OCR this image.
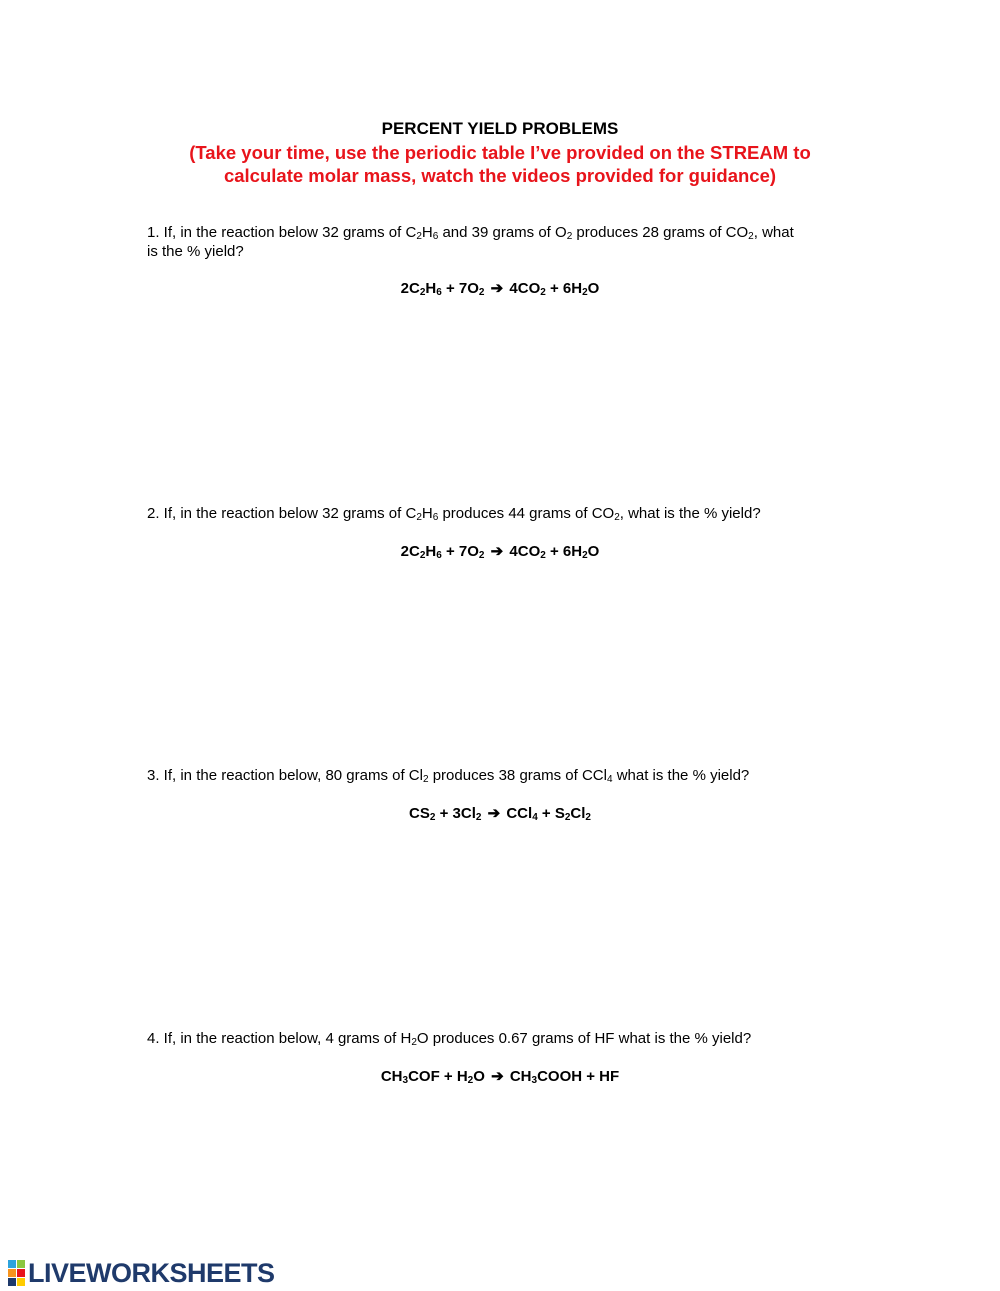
PERCENT YIELD PROBLEMS
(Take your time, use the periodic table I’ve provided on the STREAM to
calculate molar mass, watch the videos provided for guidance)
1. If, in the reaction below 32 grams of $C_2H_6$ and 39 grams of $O_2$ produces 28 grams of $CO_2$, what
is the % yield?
$2C_2H_6 + 7O_2$ ➔ $4CO_2 + 6H_2O$
2. If, in the reaction below 32 grams of $C_2H_6$ produces 44 grams of $CO_2$, what is the % yield?
$2C_2H_6 + 7O_2$ ➔ $4CO_2 + 6H_2O$
3. If, in the reaction below, 80 grams of $Cl_2$ produces 38 grams of CCl$_4$ what is the % yield?
$CS_2 + 3Cl_2$ ➔ $CCl_4 + S_2Cl_2$
4. If, in the reaction below, 4 grams of $H_2O$ produces 0.67 grams of HF what is the % yield?
$CH_3COF + H_2O$ ➔ $CH_3COOH$ + HF
LIVEWORKSHEETS
